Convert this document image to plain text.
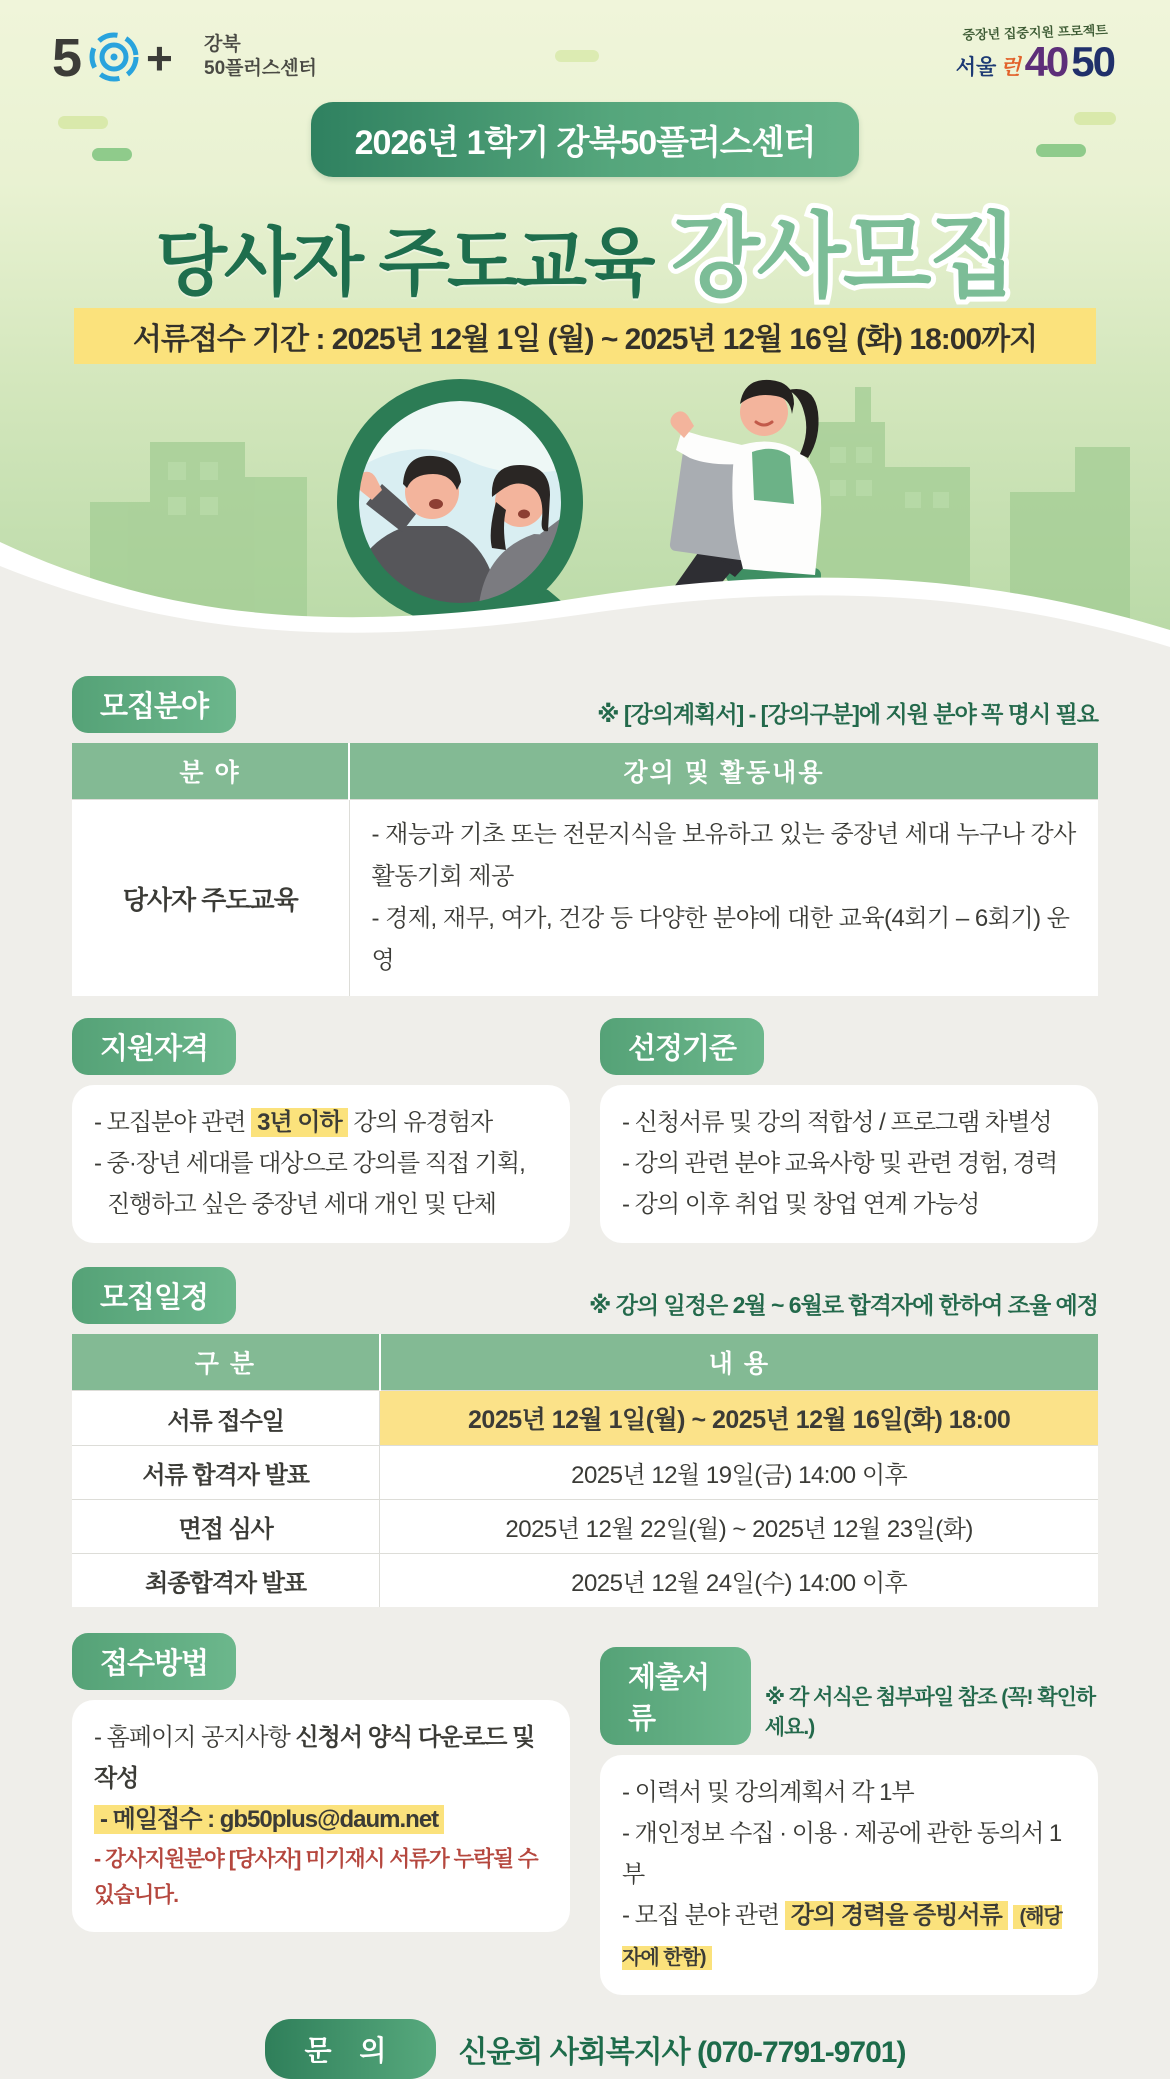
5 + 강북
50플러스센터
중장년 집중지원 프로젝트
서울 런 40 50
2026년 1학기 강북50플러스센터
당사자 주도교육 강사모집
서류접수 기간 : 2025년 12월 1일 (월) ~ 2025년 12월 16일 (화) 18:00까지
모집분야	※ [강의계획서] - [강의구분]에 지원 분야 꼭 명시 필요
분 야	강의 및 활동내용
당사자 주도교육	- 재능과 기초 또는 전문지식을 보유하고 있는 중장년 세대 누구나 강사활동기회 제공
- 경제, 재무, 여가, 건강 등 다양한 분야에 대한 교육(4회기 – 6회기) 운영
지원자격
- 모집분야 관련 3년 이하 강의 유경험자
- 중·장년 세대를 대상으로 강의를 직접 기획,
진행하고 싶은 중장년 세대 개인 및 단체
선정기준
- 신청서류 및 강의 적합성 / 프로그램 차별성
- 강의 관련 분야 교육사항 및 관련 경험, 경력
- 강의 이후 취업 및 창업 연계 가능성
모집일정	※ 강의 일정은 2월 ~ 6월로 합격자에 한하여 조율 예정
구 분	내 용
서류 접수일	2025년 12월 1일(월) ~ 2025년 12월 16일(화) 18:00
서류 합격자 발표	2025년 12월 19일(금) 14:00 이후
면접 심사	2025년 12월 22일(월) ~ 2025년 12월 23일(화)
최종합격자 발표	2025년 12월 24일(수) 14:00 이후
접수방법
- 홈페이지 공지사항 신청서 양식 다운로드 및 작성
- 메일접수 : gb50plus@daum.net
- 강사지원분야 [당사자] 미기재시 서류가 누락될 수 있습니다.
제출서류
※ 각 서식은 첨부파일 참조 (꼭! 확인하세요.)
- 이력서 및 강의계획서 각 1부
- 개인정보 수집 · 이용 · 제공에 관한 동의서 1부
- 모집 분야 관련 강의 경력을 증빙서류 (해당자에 한함)
문 의	신윤희 사회복지사 (070-7791-9701)
